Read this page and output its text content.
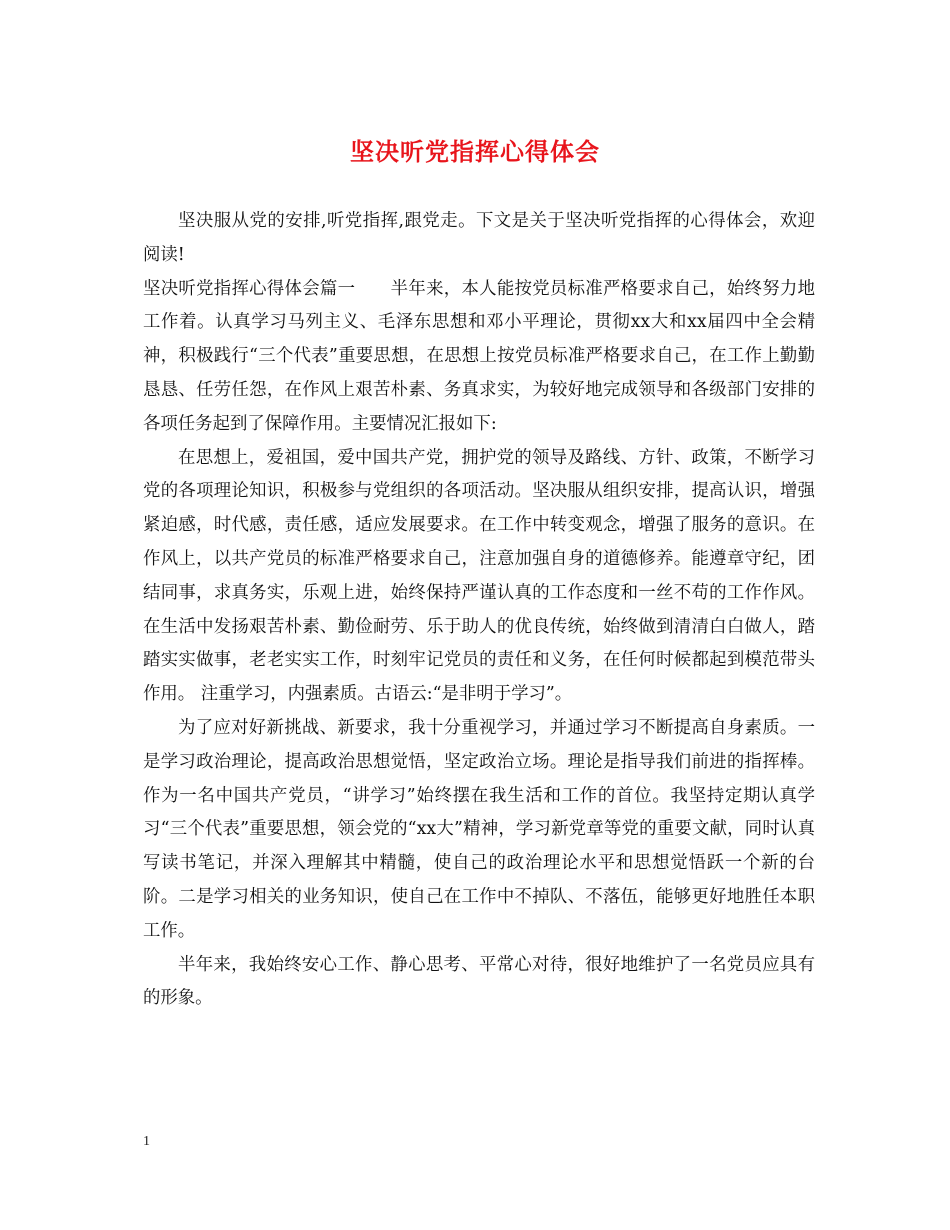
坚决听党指挥心得体会

坚决服从党的安排,听党指挥,跟党走。下文是关于坚决听党指挥的心得体会，欢迎阅读!

坚决听党指挥心得体会篇一　　半年来，本人能按党员标准严格要求自己，始终努力地工作着。认真学习马列主义、毛泽东思想和邓小平理论，贯彻xx大和xx届四中全会精神，积极践行“三个代表”重要思想，在思想上按党员标准严格要求自己，在工作上勤勤恳恳、任劳任怨，在作风上艰苦朴素、务真求实，为较好地完成领导和各级部门安排的各项任务起到了保障作用。主要情况汇报如下:

在思想上，爱祖国，爱中国共产党，拥护党的领导及路线、方针、政策，不断学习党的各项理论知识，积极参与党组织的各项活动。坚决服从组织安排，提高认识，增强紧迫感，时代感，责任感，适应发展要求。在工作中转变观念，增强了服务的意识。在作风上，以共产党员的标准严格要求自己，注意加强自身的道德修养。能遵章守纪，团结同事，求真务实，乐观上进，始终保持严谨认真的工作态度和一丝不苟的工作作风。在生活中发扬艰苦朴素、勤俭耐劳、乐于助人的优良传统，始终做到清清白白做人，踏踏实实做事，老老实实工作，时刻牢记党员的责任和义务，在任何时候都起到模范带头作用。 注重学习，内强素质。古语云:“是非明于学习”。

为了应对好新挑战、新要求，我十分重视学习，并通过学习不断提高自身素质。一是学习政治理论，提高政治思想觉悟，坚定政治立场。理论是指导我们前进的指挥棒。作为一名中国共产党员，“讲学习”始终摆在我生活和工作的首位。我坚持定期认真学习“三个代表”重要思想，领会党的“xx大”精神，学习新党章等党的重要文献，同时认真写读书笔记，并深入理解其中精髓，使自己的政治理论水平和思想觉悟跃一个新的台阶。二是学习相关的业务知识，使自己在工作中不掉队、不落伍，能够更好地胜任本职工作。

半年来，我始终安心工作、静心思考、平常心对待，很好地维护了一名党员应具有的形象。

1
